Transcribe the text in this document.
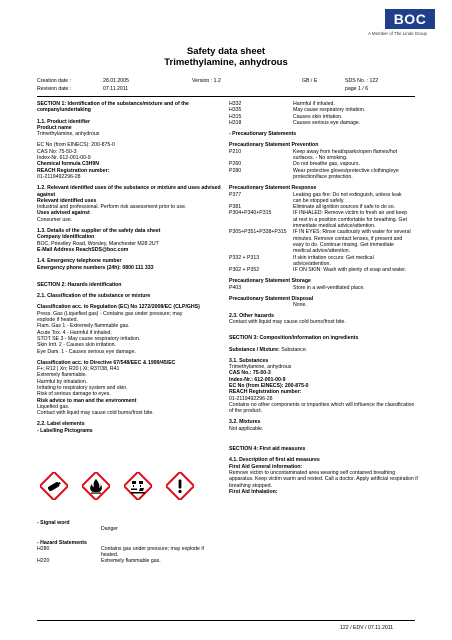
BOC
A Member of The Linde Group
Safety data sheet
Trimethylamine, anhydrous
Creation date :	28.01.2005	Version : 1.2	GB / E	SDS No. : 122
Revision date :	07.11.2011	page 1 / 6
SECTION 1: Identification of the substance/mixture and of the company/undertaking
1.1. Product identifier
Product name
Trimethylamine, anhydrous
EC No (from EINECS): 200-875-0
CAS No: 75-50-3
Index-Nr. 612-001-00-9
Chemical formula C3H9N
REACH Registration number:
01-2119492296-28
1.2. Relevant identified uses of the substance or mixture and uses advised against
Relevant identified uses
Industrial and professional. Perform risk assessment prior to use.
Uses advised against
Consumer use.
1.3. Details of the supplier of the safety data sheet
Company identification
BOC, Priestley Road, Worsley, Manchester M28 2UT
E-Mail Address ReachSDS@boc.com
1.4. Emergency telephone number
Emergency phone numbers (24h): 0800 111 333
SECTION 2: Hazards identification
2.1. Classification of the substance or mixture
Classification acc. to Regulation (EC) No 1272/2008/EC (CLP/GHS)
Press. Gas (Liquefied gas) - Contains gas under pressure; may
explode if heated.
Flam. Gas 1 - Extremely flammable gas.
Acute Tox. 4 - Harmful if inhaled.
STOT SE 3 - May cause respiratory irritation.
Skin Irrit. 2 - Causes skin irritation.
Eye Dam. 1 - Causes serious eye damage.
Classification acc. to Directive 67/548/EEC & 1999/45/EC
F+; R12 | Xn; R20 | Xi; R37/38, R41
Extremely flammable.
Harmful by inhalation.
Irritating to respiratory system and skin.
Risk of serious damage to eyes.
Risk advice to man and the environment
Liquefied gas.
Contact with liquid may cause cold burns/frost bite.
2.2. Label elements
- Labelling Pictograms
- Signal word
Danger
- Hazard Statements
H280	Contains gas under pressure; may explode if heated.
H220	Extremely flammable gas.
H332	Harmful if inhaled.
H335	May cause respiratory irritation.
H315	Causes skin irritation.
H318	Causes serious eye damage.
- Precautionary Statements
Precautionary Statement Prevention
P210	Keep away from heat/sparks/open flames/hot surfaces. - No smoking.
P260	Do not breathe gas, vapours.
P280	Wear protective gloves/protective clothing/eye protection/face protection.
Precautionary Statement Response
P377	Leaking gas fire: Do not extinguish, unless leak can be stopped safely.
P381	Eliminate all ignition sources if safe to do so.
P304+P340+P315	IF INHALED: Remove victim to fresh air and keep at rest in a position comfortable for breathing. Get immediate medical advice/attention.
P305+P351+P338+P315	IF IN EYES: Rinse cautiously with water for several minutes. Remove contact lenses, if present and easy to do. Continue rinsing. Get immediate medical advice/attention.
P332 + P313	If skin irritation occurs: Get medical advice/attention.
P302 + P352	IF ON SKIN: Wash with plenty of soap and water.
Precautionary Statement Storage
P403	Store in a well-ventilated place.
Precautionary Statement Disposal
None.
2.3. Other hazards
Contact with liquid may cause cold burns/frost bite.
SECTION 3: Composition/information on ingredients
Substance / Mixture: Substance.
3.1. Substances
Trimethylamine, anhydrous
CAS No.: 75-50-3
Index-Nr.: 612-001-00-9
EC No (from EINECS): 200-875-0
REACH Registration number:
01-2119492296-28
Contains no other components or impurities which will influence the classification of the product.
3.2. Mixtures
Not applicable.
SECTION 4: First aid measures
4.1. Description of first aid measures
First Aid General information:
Remove victim to uncontaminated area wearing self contained breathing apparatus. Keep victim warm and rested. Call a doctor. Apply artificial respiration if breathing stopped.
First Aid Inhalation:
122 / EDV / 07.11.2011
